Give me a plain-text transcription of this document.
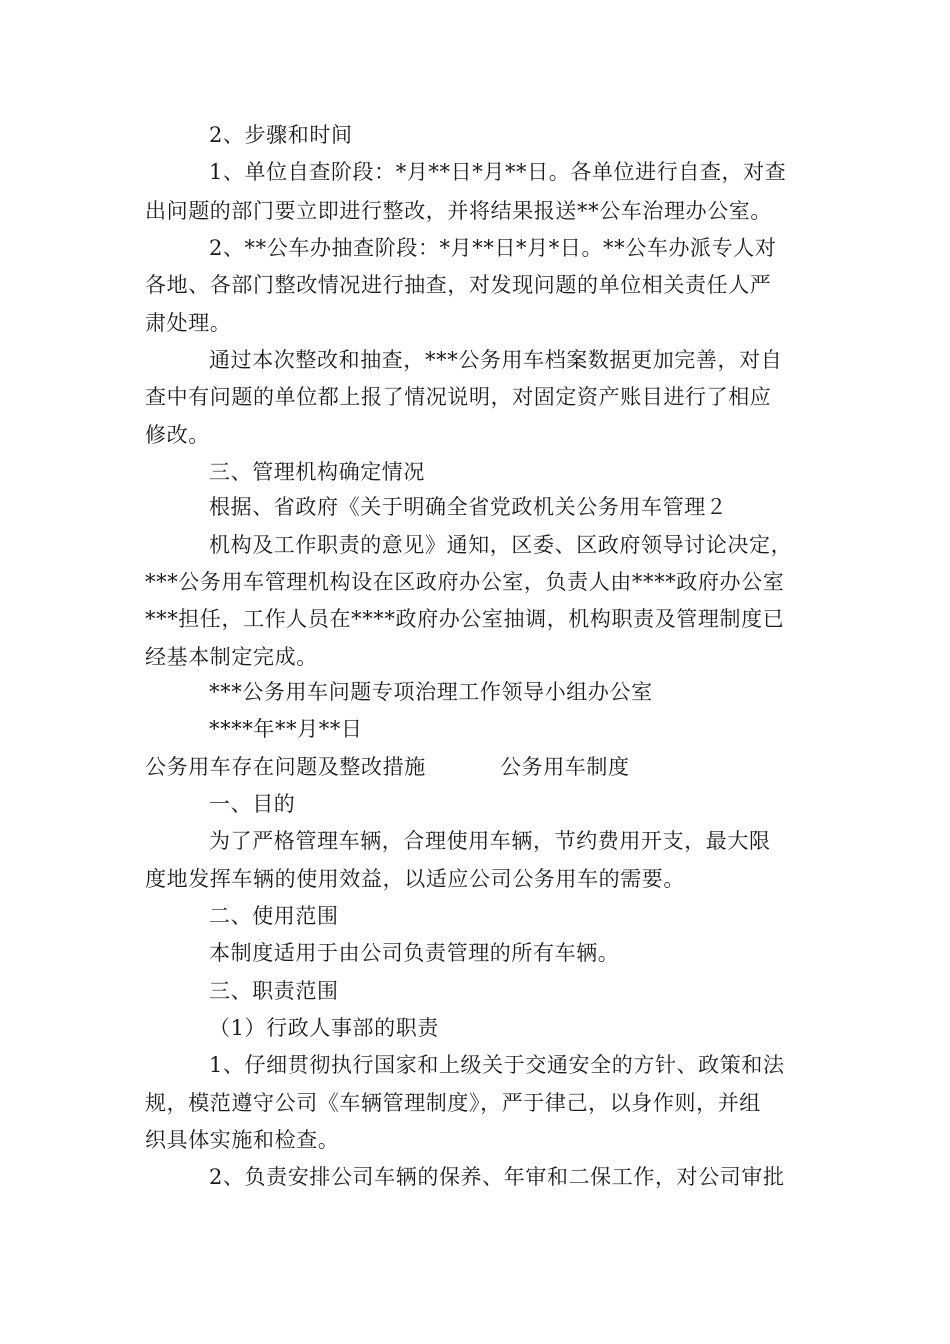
2、步骤和时间
1、单位自查阶段：*月**日*月**日。各单位进行自查，对查
出问题的部门要立即进行整改，并将结果报送**公车治理办公室。
2、**公车办抽查阶段：*月**日*月*日。**公车办派专人对
各地、各部门整改情况进行抽查，对发现问题的单位相关责任人严
肃处理。
通过本次整改和抽查，***公务用车档案数据更加完善，对自
查中有问题的单位都上报了情况说明，对固定资产账目进行了相应
修改。
三、管理机构确定情况
根据、省政府《关于明确全省党政机关公务用车管理２
机构及工作职责的意见》通知，区委、区政府领导讨论决定，
***公务用车管理机构设在区政府办公室，负责人由****政府办公室
***担任，工作人员在****政府办公室抽调，机构职责及管理制度已
经基本制定完成。
***公务用车问题专项治理工作领导小组办公室
****年**月**日
公务用车存在问题及整改措施	公务用车制度
一、目的
为了严格管理车辆，合理使用车辆，节约费用开支，最大限
度地发挥车辆的使用效益，以适应公司公务用车的需要。
二、使用范围
本制度适用于由公司负责管理的所有车辆。
三、职责范围
（1）行政人事部的职责
1、仔细贯彻执行国家和上级关于交通安全的方针、政策和法
规，模范遵守公司《车辆管理制度》，严于律己，以身作则，并组
织具体实施和检查。
2、负责安排公司车辆的保养、年审和二保工作，对公司审批
